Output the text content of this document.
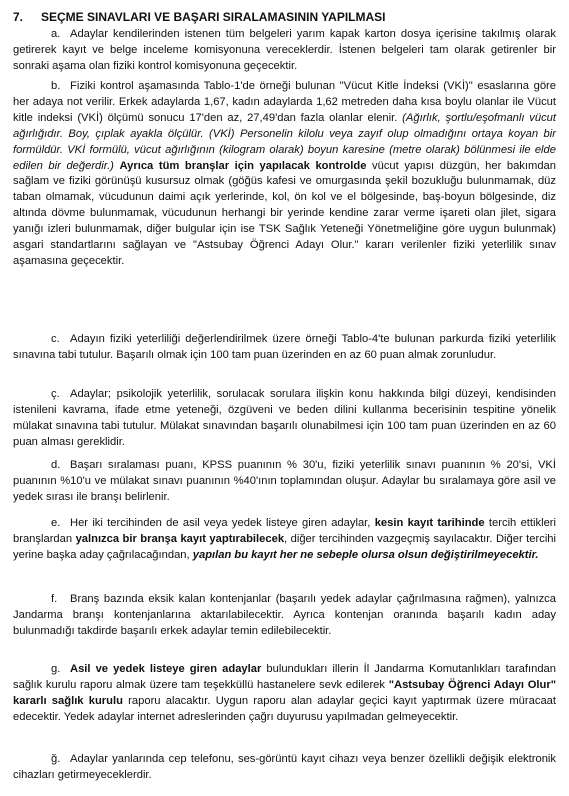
7. SEÇME SINAVLARI VE BAŞARI SIRALAMASININ YAPILMASI

a. Adaylar kendilerinden istenen tüm belgeleri yarım kapak karton dosya içerisine takılmış olarak getirerek kayıt ve belge inceleme komisyonuna vereceklerdir. İstenen belgeleri tam olarak getirenler bir sonraki aşama olan fiziki kontrol komisyonuna geçecektir.

b. Fiziki kontrol aşamasında Tablo-1'de örneği bulunan "Vücut Kitle İndeksi (VKİ)" esaslarına göre her adaya not verilir. Erkek adaylarda 1,67, kadın adaylarda 1,62 metreden daha kısa boylu olanlar ile Vücut kitle indeksi (VKİ) ölçümü sonucu 17'den az, 27,49'dan fazla olanlar elenir. (Ağırlık, şortlu/eşofmanlı vücut ağırlığıdır. Boy, çıplak ayakla ölçülür. (VKİ) Personelin kilolu veya zayıf olup olmadığını ortaya koyan bir formüldür. VKİ formülü, vücut ağırlığının (kilogram olarak) boyun karesine (metre olarak) bölünmesi ile elde edilen bir değerdir.) Ayrıca tüm branşlar için yapılacak kontrolde vücut yapısı düzgün, her bakımdan sağlam ve fiziki görünüşü kusursuz olmak (göğüs kafesi ve omurgasında şekil bozukluğu bulunmamak, düz taban olmamak, vücudunun daimi açık yerlerinde, kol, ön kol ve el bölgesinde, baş-boyun bölgesinde, diz altında dövme bulunmamak, vücudunun herhangi bir yerinde kendine zarar verme işareti olan jilet, sigara yanığı izleri bulunmamak, diğer bulgular için ise TSK Sağlık Yeteneği Yönetmeliğine göre uygun bulunmak) asgari standartlarını sağlayan ve "Astsubay Öğrenci Adayı Olur." kararı verilenler fiziki yeterlilik sınav aşamasına geçecektir.

c. Adayın fiziki yeterliliği değerlendirilmek üzere örneği Tablo-4'te bulunan parkurda fiziki yeterlilik sınavına tabi tutulur. Başarılı olmak için 100 tam puan üzerinden en az 60 puan almak zorunludur.

ç. Adaylar; psikolojik yeterlilik, sorulacak sorulara ilişkin konu hakkında bilgi düzeyi, kendisinden istenileni kavrama, ifade etme yeteneği, özgüveni ve beden dilini kullanma becerisinin tespitine yönelik mülakat sınavına tabi tutulur. Mülakat sınavından başarılı olunabilmesi için 100 tam puan üzerinden en az 60 puan alması gereklidir.

d. Başarı sıralaması puanı, KPSS puanının % 30'u, fiziki yeterlilik sınavı puanının % 20'si, VKİ puanının %10'u ve mülakat sınavı puanının %40'ının toplamından oluşur. Adaylar bu sıralamaya göre asil ve yedek sırası ile branşı belirlenir.

e. Her iki tercihinden de asil veya yedek listeye giren adaylar, kesin kayıt tarihinde tercih ettikleri branşlardan yalnızca bir branşa kayıt yaptırabilecek, diğer tercihinden vazgeçmiş sayılacaktır. Diğer tercihi yerine başka aday çağrılacağından, yapılan bu kayıt her ne sebeple olursa olsun değiştirilmeyecektir.

f. Branş bazında eksik kalan kontenjanlar (başarılı yedek adaylar çağrılmasına rağmen), yalnızca Jandarma branşı kontenjanlarına aktarılabilecektir. Ayrıca kontenjan oranında başarılı kadın aday bulunmadığı takdirde başarılı erkek adaylar temin edilebilecektir.

g. Asil ve yedek listeye giren adaylar bulundukları illerin İl Jandarma Komutanlıkları tarafından sağlık kurulu raporu almak üzere tam teşekküllü hastanelere sevk edilerek "Astsubay Öğrenci Adayı Olur" kararlı sağlık kurulu raporu alacaktır. Uygun raporu alan adaylar geçici kayıt yaptırmak üzere müracaat edecektir. Yedek adaylar internet adreslerinden çağrı duyurusu yapılmadan gelmeyecektir.

ğ. Adaylar yanlarında cep telefonu, ses-görüntü kayıt cihazı veya benzer özellikli değişik elektronik cihazları getirmeyeceklerdir.
